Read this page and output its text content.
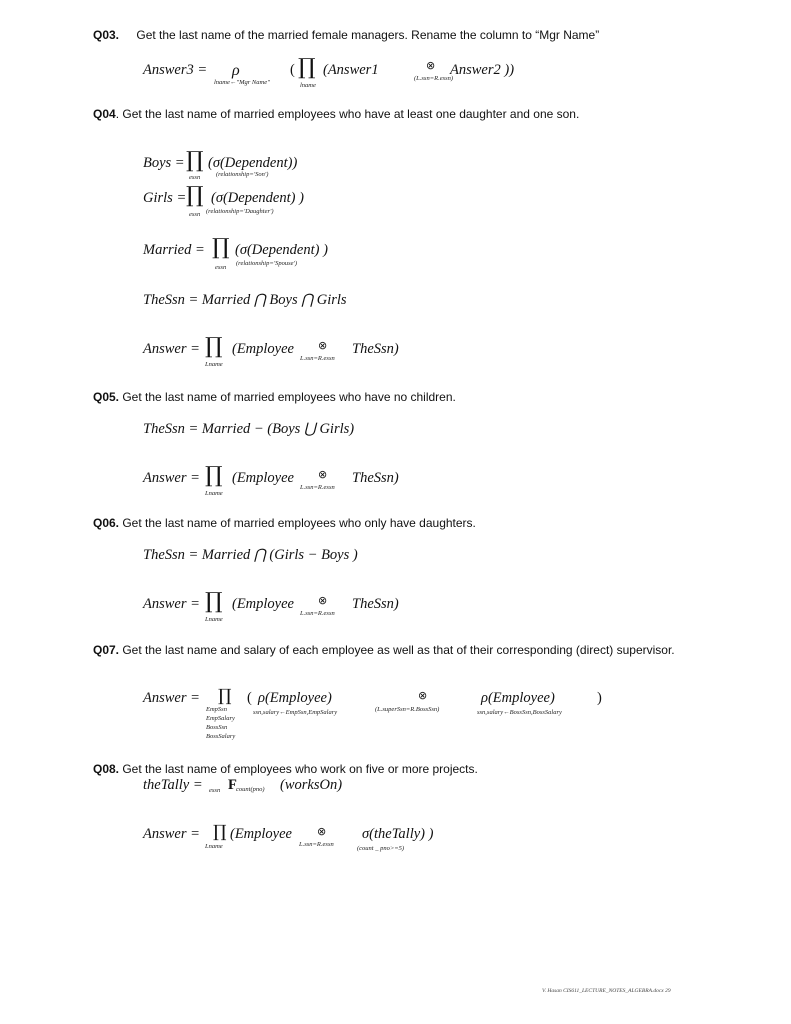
Q03. Get the last name of the married female managers. Rename the column to “Mgr Name”
Answer3 = ρ
lname←"Mgr Name"
( ∏
lname
(Answer1	⊗
(L.ssn=R.essn)
Answer2 ))
Q04. Get the last name of married employees who have at least one daughter and one son.
Boys = ∏
essn
(σ(Dependent))
(relationship='Son')
Girls = ∏
essn
(σ(Dependent) )
(relationship='Daughter')
Married = ∏
essn
(σ(Dependent) )
(relationship='Spouse')
TheSsn = Married ⋂ Boys ⋂ Girls
Answer = ∏
Lname
(Employee ⊗
L.ssn=R.essn
TheSsn)
Q05. Get the last name of married employees who have no children.
TheSsn = Married − (Boys ⋃ Girls)
Answer = ∏
Lname
(Employee ⊗
L.ssn=R.essn
TheSsn)
Q06. Get the last name of married employees who only have daughters.
TheSsn = Married ⋂ (Girls − Boys )
Answer = ∏
Lname
(Employee ⊗
L.ssn=R.essn
TheSsn)
Q07. Get the last name and salary of each employee as well as that of their corresponding (direct) supervisor.
Answer = ∏
EmpSsn
EmpSalary
BossSsn
BossSalary
( ρ(Employee)
ssn,salary←EmpSsn,EmpSalary
⊗
(L.superSsn=R.BossSsn)
ρ(Employee)
ssn,salary←BossSsn,BossSalary
)
Q08. Get the last name of employees who work on five or more projects.
theTally = essn F count(pno) (worksOn)
Answer = ∏
Lname
(Employee ⊗
L.ssn=R.essn
σ(theTally) )
(count _ pno>=5)
V. Hasan CIS611_LECTURE_NOTES_ALGEBRA.docx 29
